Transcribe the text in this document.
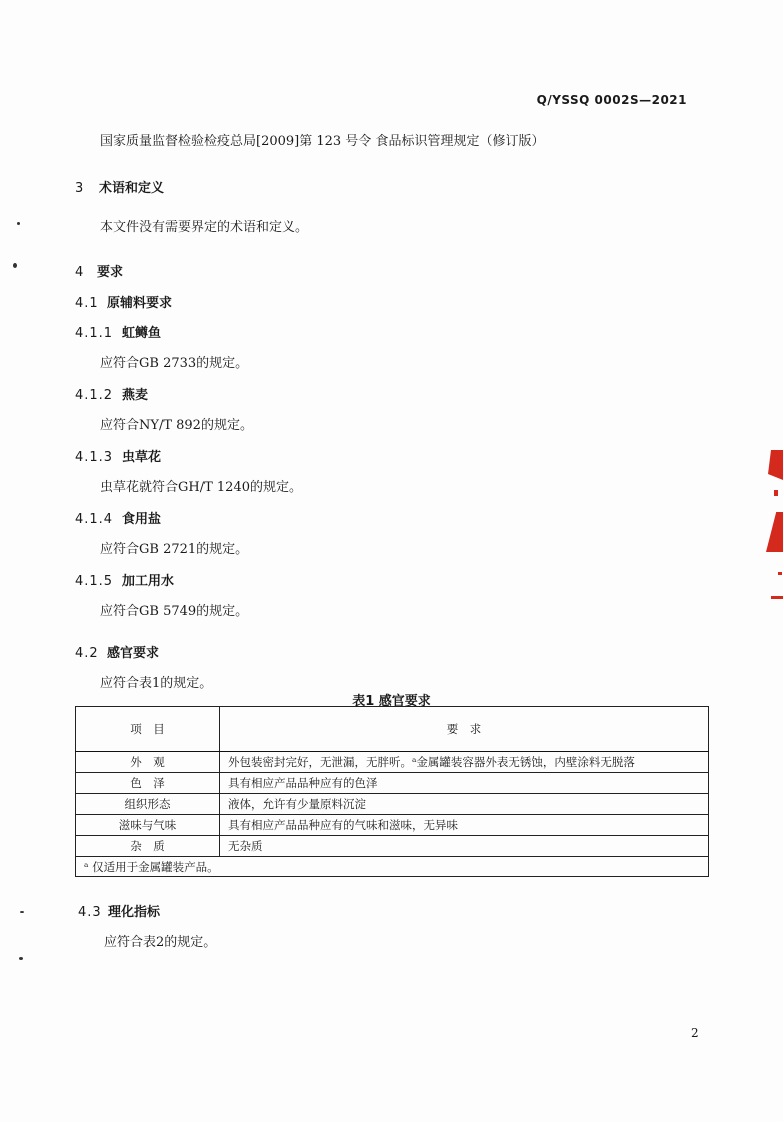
Q/YSSQ 0002S—2021
国家质量监督检验检疫总局[2009]第 123 号令 食品标识管理规定（修订版）
3 术语和定义
本文件没有需要界定的术语和定义。
4 要求
4.1 原辅料要求
4.1.1 虹鳟鱼
应符合GB 2733的规定。
4.1.2 燕麦
应符合NY/T 892的规定。
4.1.3 虫草花
虫草花就符合GH/T 1240的规定。
4.1.4 食用盐
应符合GB 2721的规定。
4.1.5 加工用水
应符合GB 5749的规定。
4.2 感官要求
应符合表1的规定。
表1 感官要求
项　目	要　求
外　观	外包装密封完好，无泄漏，无胖听。ᵃ金属罐装容器外表无锈蚀，内壁涂料无脱落
色　泽	具有相应产品品种应有的色泽
组织形态	液体，允许有少量原料沉淀
滋味与气味	具有相应产品品种应有的气味和滋味，无异味
杂　质	无杂质
ᵃ 仅适用于金属罐装产品。	
4.3 理化指标
应符合表2的规定。
2
